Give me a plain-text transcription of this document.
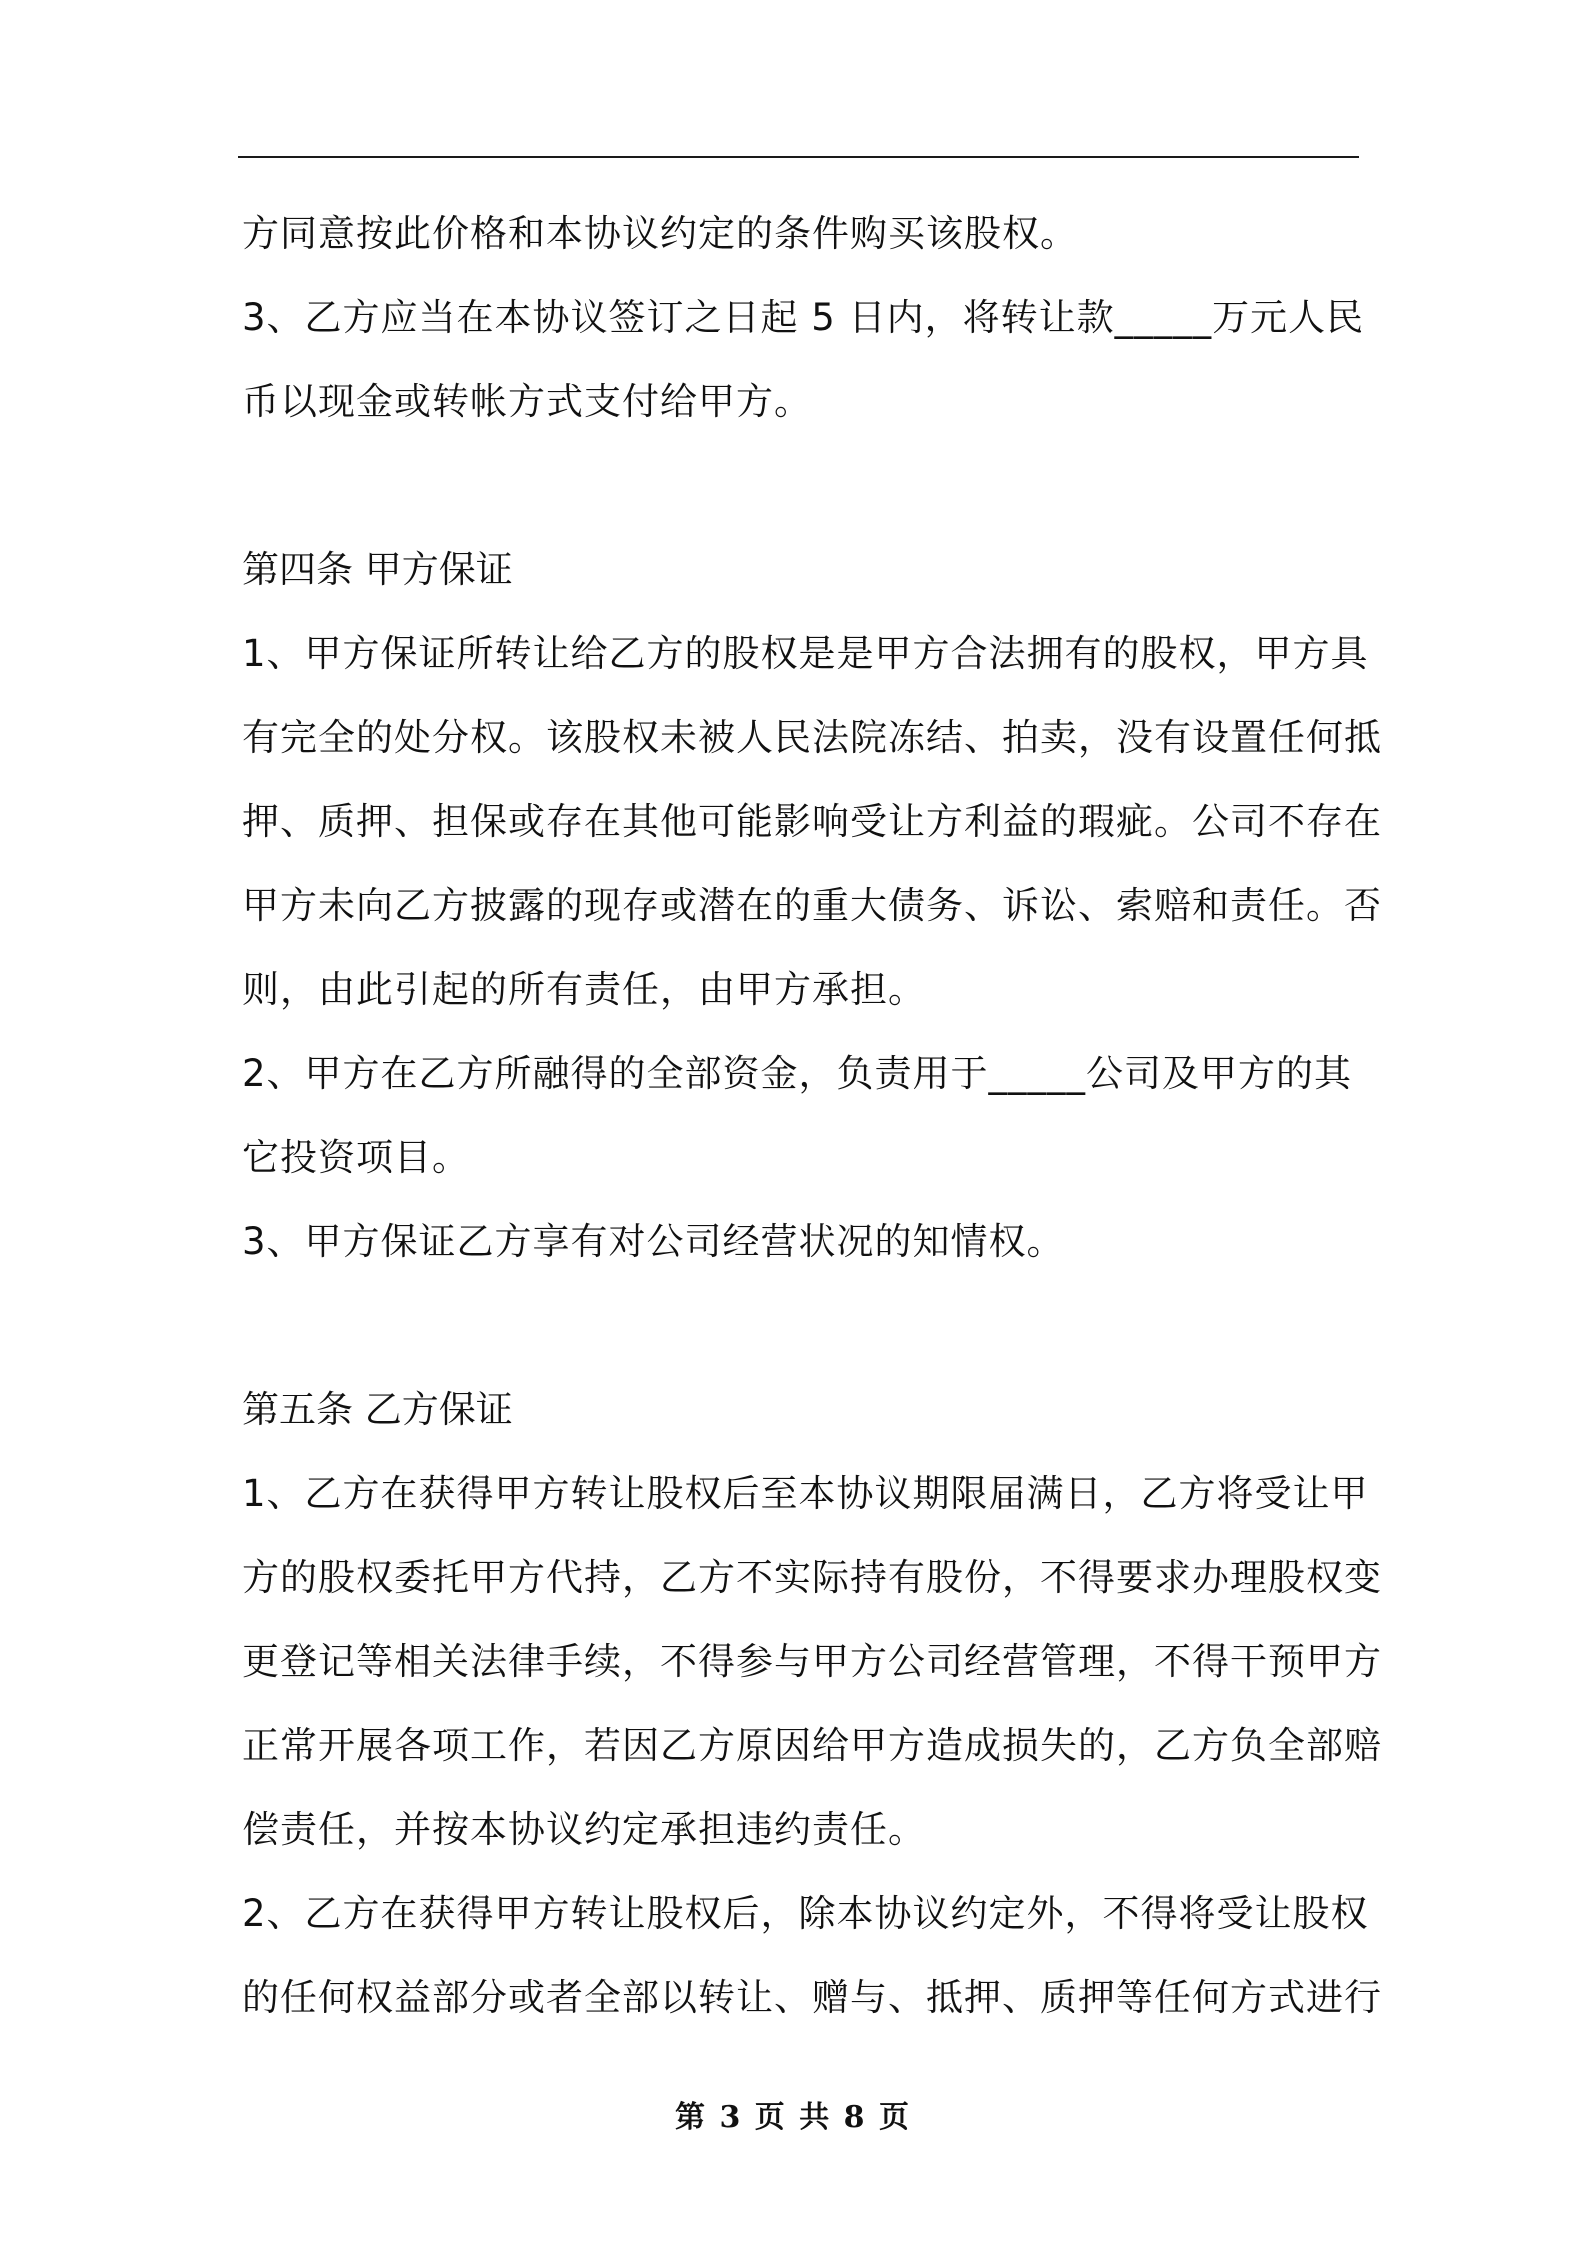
方同意按此价格和本协议约定的条件购买该股权。
3、乙方应当在本协议签订之日起 5 日内，将转让款_____万元人民
币以现金或转帐方式支付给甲方。
第四条 甲方保证
1、甲方保证所转让给乙方的股权是是甲方合法拥有的股权，甲方具
有完全的处分权。该股权未被人民法院冻结、拍卖，没有设置任何抵
押、质押、担保或存在其他可能影响受让方利益的瑕疵。公司不存在
甲方未向乙方披露的现存或潜在的重大债务、诉讼、索赔和责任。否
则，由此引起的所有责任，由甲方承担。
2、甲方在乙方所融得的全部资金，负责用于_____公司及甲方的其
它投资项目。
3、甲方保证乙方享有对公司经营状况的知情权。
第五条 乙方保证
1、乙方在获得甲方转让股权后至本协议期限届满日，乙方将受让甲
方的股权委托甲方代持，乙方不实际持有股份，不得要求办理股权变
更登记等相关法律手续，不得参与甲方公司经营管理，不得干预甲方
正常开展各项工作，若因乙方原因给甲方造成损失的，乙方负全部赔
偿责任，并按本协议约定承担违约责任。
2、乙方在获得甲方转让股权后，除本协议约定外，不得将受让股权
的任何权益部分或者全部以转让、赠与、抵押、质押等任何方式进行
第 3 页 共 8 页
